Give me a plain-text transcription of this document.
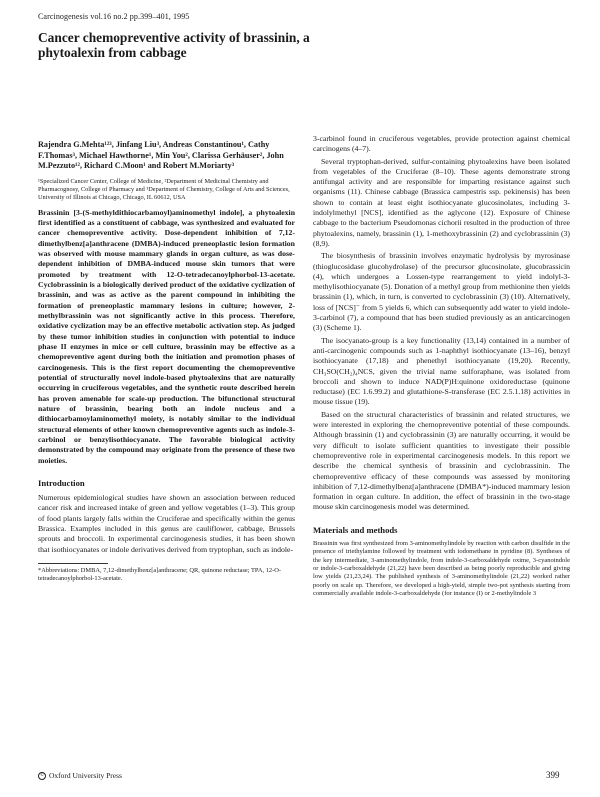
Carcinogenesis vol.16 no.2 pp.399–401, 1995
Cancer chemopreventive activity of brassinin, a phytoalexin from cabbage
Rajendra G.Mehta¹²³, Jinfang Liu³, Andreas Constantinou¹, Cathy F.Thomas³, Michael Hawthorne¹, Min You², Clarissa Gerhäuser², John M.Pezzuto¹², Richard C.Moon¹ and Robert M.Moriarty³
¹Specialized Cancer Center, College of Medicine, ²Department of Medicinal Chemistry and Pharmacognosy, College of Pharmacy and ³Department of Chemistry, College of Arts and Sciences, University of Illinois at Chicago, Chicago, IL 60612, USA

Brassinin [3-(S-methyldithiocarbamoyl)aminomethyl indole], a phytoalexin first identified as a constituent of cabbage, was synthesized and evaluated for cancer chemopreventive activity. Dose-dependent inhibition of 7,12-dimethylbenz[a]anthracene (DMBA)-induced preneoplastic lesion formation was observed with mouse mammary glands in organ culture, as was dose-dependent inhibition of DMBA-induced mouse skin tumors that were promoted by treatment with 12-O-tetradecanoylphorbol-13-acetate. Cyclobrassinin is a biologically derived product of the oxidative cyclization of brassinin, and was as active as the parent compound in inhibiting the formation of preneoplastic mammary lesions in culture; however, 2-methylbrassinin was not significantly active in this process. Therefore, oxidative cyclization may be an effective metabolic activation step. As judged by these tumor inhibition studies in conjunction with potential to induce phase II enzymes in mice or cell culture, brassinin may be effective as a chemopreventive agent during both the initiation and promotion phases of carcinogenesis. This is the first report documenting the chemopreventive potential of structurally novel indole-based phytoalexins that are naturally occurring in cruciferous vegetables, and the synthetic route described herein has proven amenable for scale-up production. The bifunctional structural nature of brassinin, bearing both an indole nucleus and a dithiocarbamoylaminomethyl moiety, is notably similar to the individual structural elements of other known chemopreventive agents such as indole-3-carbinol or benzylisothiocyanate. The favorable biological activity demonstrated by the compound may originate from the presence of these two moieties.

Introduction

Numerous epidemiological studies have shown an association between reduced cancer risk and increased intake of green and yellow vegetables (1–3). This group of food plants largely falls within the Cruciferae and specifically within the genus Brassica. Examples included in this genus are cauliflower, cabbage, Brussels sprouts and broccoli. In experimental carcinogenesis studies, it has been shown that isothiocyanates or indole derivatives derived from tryptophan, such as indole-

*Abbreviations: DMBA, 7,12-dimethylbenz[a]anthracene; QR, quinone reductase; TPA, 12-O-tetradecanoylphorbol-13-acetate.

3-carbinol found in cruciferous vegetables, provide protection against chemical carcinogens (4–7).

Several tryptophan-derived, sulfur-containing phytoalexins have been isolated from vegetables of the Cruciferae (8–10). These agents demonstrate strong antifungal activity and are responsible for imparting resistance against such organisms (11). Chinese cabbage (Brassica campestris ssp. pekinensis) has been shown to contain at least eight isothiocyanate glucosinolates, including 3-indolylmethyl [NCS], identified as the aglycone (12). Exposure of Chinese cabbage to the bacterium Pseudomonas cichorii resulted in the production of three phytoalexins, namely, brassinin (1), 1-methoxybrassinin (2) and cyclobrassinin (3) (8,9).

The biosynthesis of brassinin involves enzymatic hydrolysis by myrosinase (thioglucosidase glucohydrolase) of the precursor glucosinolate, glucobrassicin (4), which undergoes a Lossen-type rearrangement to yield indolyl-3-methylisothiocyanate (5). Donation of a methyl group from methionine then yields brassinin (1), which, in turn, is converted to cyclobrassinin (3) (10). Alternatively, loss of [NCS]⁻ from 5 yields 6, which can subsequently add water to yield indole-3-carbinol (7), a compound that has been studied previously as an anticarcinogen (3) (Scheme 1).

The isocyanato-group is a key functionality (13,14) contained in a number of anti-carcinogenic compounds such as 1-naphthyl isothiocyanate (13–16), benzyl isothiocyanate (17,18) and phenethyl isothiocyanate (19,20). Recently, CH₃SO(CH₂)₄NCS, given the trivial name sulforaphane, was isolated from broccoli and shown to induce NAD(P)H:quinone oxidoreductase (quinone reductase) (EC 1.6.99.2) and glutathione-S-transferase (EC 2.5.1.18) activities in mouse tissue (19).

Based on the structural characteristics of brassinin and related structures, we were interested in exploring the chemopreventive potential of these compounds. Although brassinin (1) and cyclobrassinin (3) are naturally occurring, it would be very difficult to isolate sufficient quantities to investigate their possible chemopreventive role in experimental carcinogenesis models. In this report we describe the chemical synthesis of brassinin and cyclobrassinin. The chemopreventive efficacy of these compounds was assessed by monitoring inhibition of 7,12-dimethylbenz[a]anthracene (DMBA*)-induced mammary lesion formation in organ culture. In addition, the effect of brassinin in the two-stage mouse skin carcinogenesis model was determined.

Materials and methods

Brassinin was first synthesized from 3-aminomethylindole by reaction with carbon disulfide in the presence of triethylamine followed by treatment with iodomethane in pyridine (8). Syntheses of the key intermediate, 3-aminomethylindole, from indole-3-carboxaldehyde oxime, 3-cyanoindole or indole-3-carboxaldehyde (21,22) have been described as being poorly reproducible and giving low yields (21,23,24). The published synthesis of 3-aminomethylindole (21,22) worked rather poorly on scale up. Therefore, we developed a high-yield, simple two-pot synthesis starting from commercially available indole-3-carboxaldehyde (for instance (I) or 2-methylindole 3

© Oxford University Press	399
